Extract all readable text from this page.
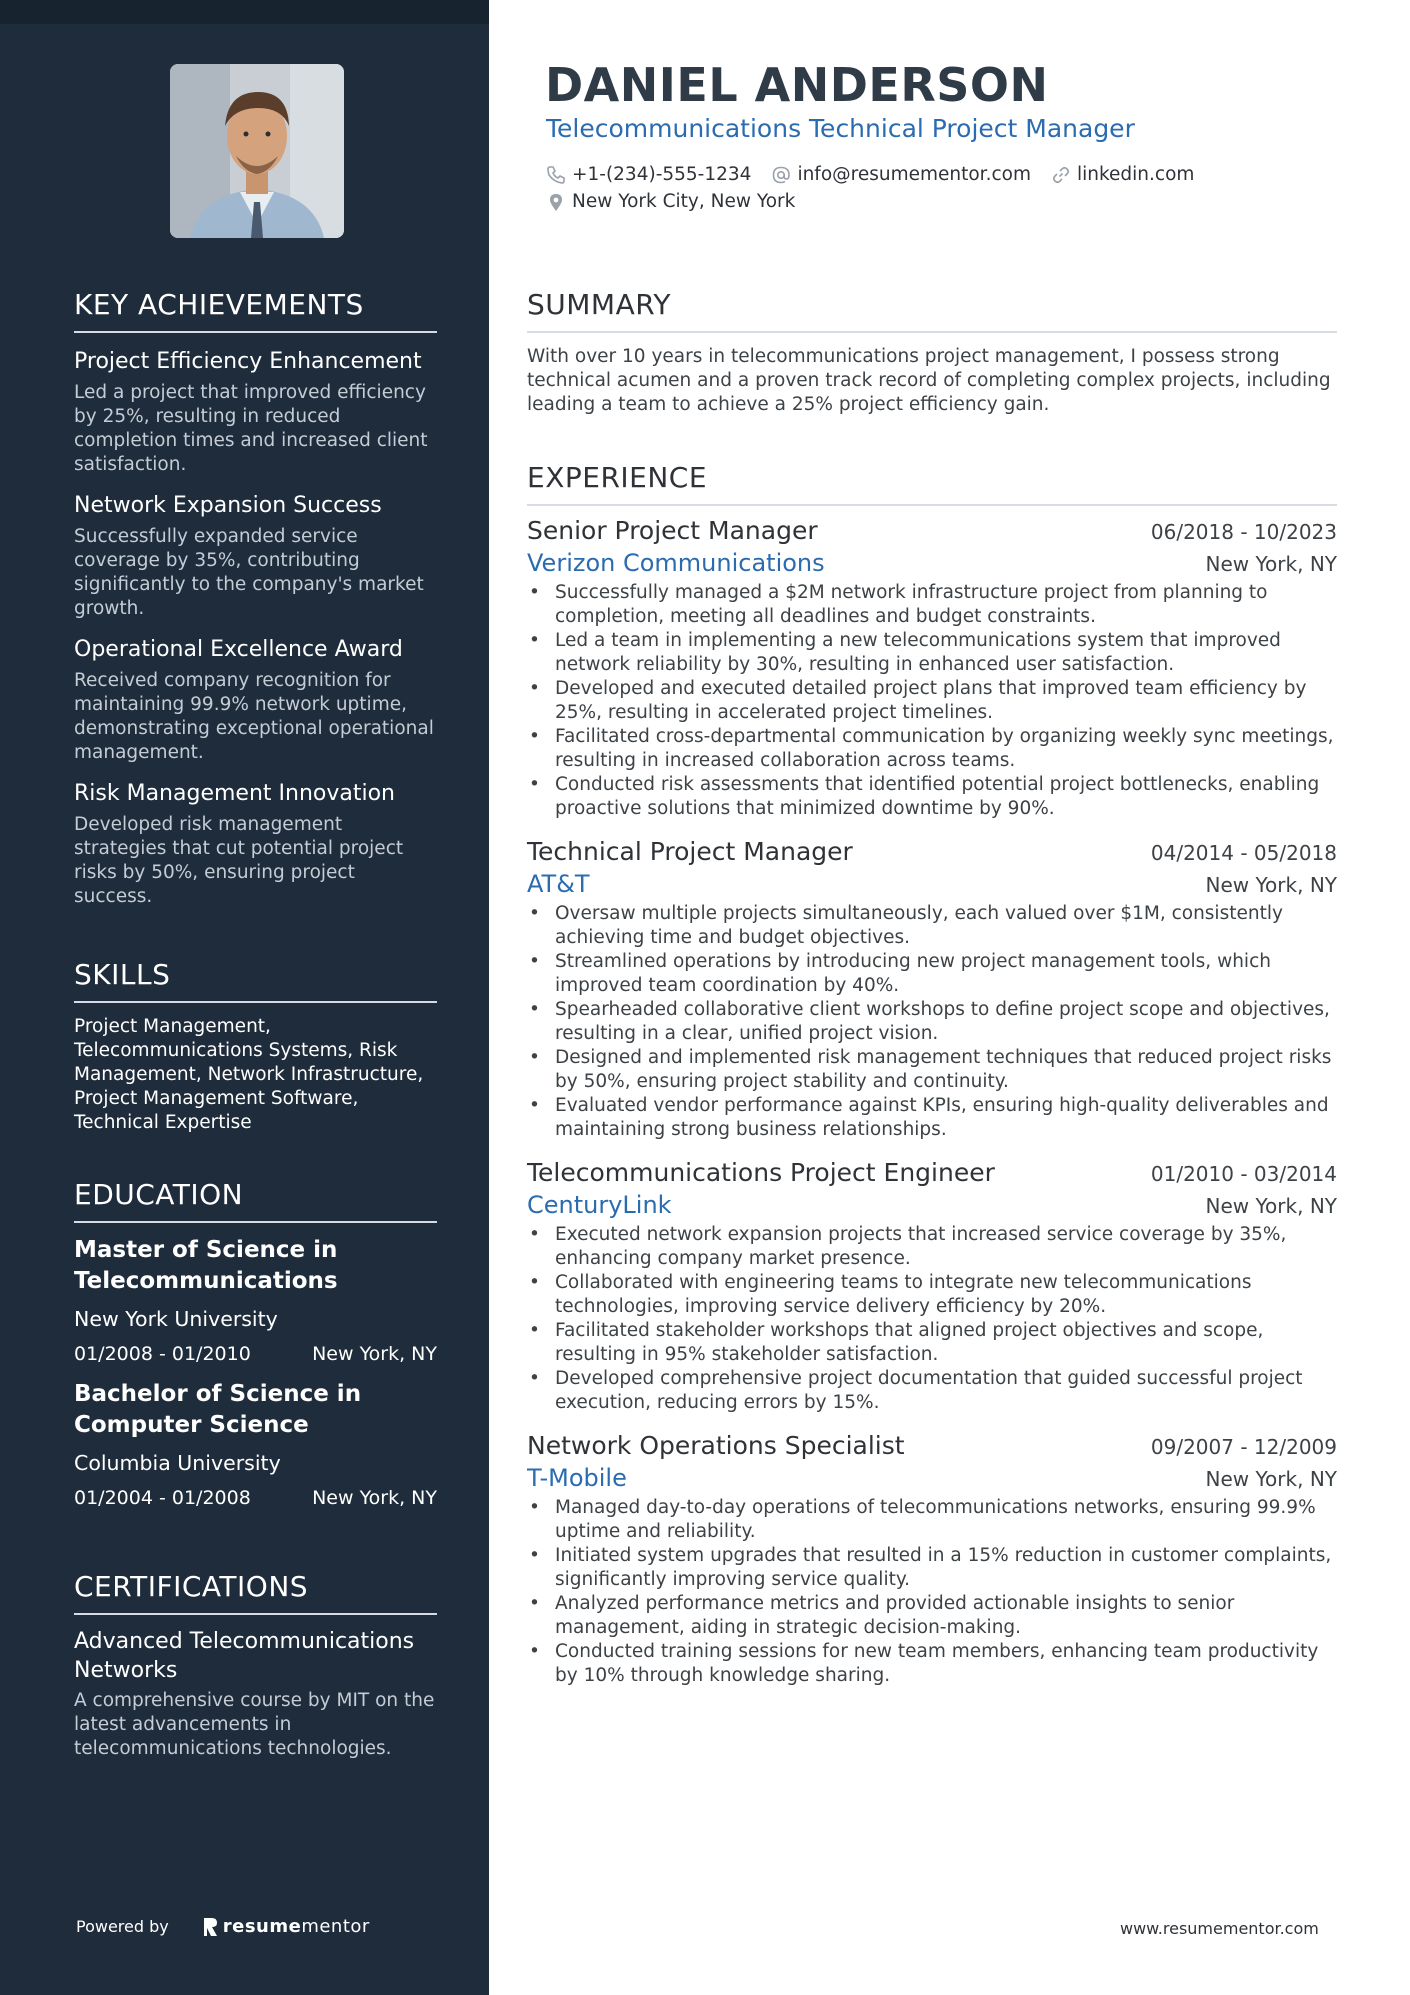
KEY ACHIEVEMENTS
Project Efficiency Enhancement
Led a project that improved efficiency by 25%, resulting in reduced completion times and increased client satisfaction.
Network Expansion Success
Successfully expanded service coverage by 35%, contributing significantly to the company's market growth.
Operational Excellence Award
Received company recognition for maintaining 99.9% network uptime, demonstrating exceptional operational management.
Risk Management Innovation
Developed risk management strategies that cut potential project risks by 50%, ensuring project success.
SKILLS
Project Management, Telecommunications Systems, Risk Management, Network Infrastructure, Project Management Software, Technical Expertise
EDUCATION
Master of Science in Telecommunications
New York University
01/2008 - 01/2010	New York, NY
Bachelor of Science in Computer Science
Columbia University
01/2004 - 01/2008	New York, NY
CERTIFICATIONS
Advanced Telecommunications Networks
A comprehensive course by MIT on the latest advancements in telecommunications technologies.
Powered by	resume mentor
DANIEL ANDERSON
Telecommunications Technical Project Manager
+1-(234)-555-1234 info@resumementor.com linkedin.com
New York City, New York
SUMMARY
With over 10 years in telecommunications project management, I possess strong technical acumen and a proven track record of completing complex projects, including leading a team to achieve a 25% project efficiency gain.
EXPERIENCE
Senior Project Manager	06/2018 - 10/2023
Verizon Communications	New York, NY
• Successfully managed a $2M network infrastructure project from planning to completion, meeting all deadlines and budget constraints.
• Led a team in implementing a new telecommunications system that improved network reliability by 30%, resulting in enhanced user satisfaction.
• Developed and executed detailed project plans that improved team efficiency by 25%, resulting in accelerated project timelines.
• Facilitated cross-departmental communication by organizing weekly sync meetings, resulting in increased collaboration across teams.
• Conducted risk assessments that identified potential project bottlenecks, enabling proactive solutions that minimized downtime by 90%.
Technical Project Manager	04/2014 - 05/2018
AT&T	New York, NY
• Oversaw multiple projects simultaneously, each valued over $1M, consistently achieving time and budget objectives.
• Streamlined operations by introducing new project management tools, which improved team coordination by 40%.
• Spearheaded collaborative client workshops to define project scope and objectives, resulting in a clear, unified project vision.
• Designed and implemented risk management techniques that reduced project risks by 50%, ensuring project stability and continuity.
• Evaluated vendor performance against KPIs, ensuring high-quality deliverables and maintaining strong business relationships.
Telecommunications Project Engineer	01/2010 - 03/2014
CenturyLink	New York, NY
• Executed network expansion projects that increased service coverage by 35%, enhancing company market presence.
• Collaborated with engineering teams to integrate new telecommunications technologies, improving service delivery efficiency by 20%.
• Facilitated stakeholder workshops that aligned project objectives and scope, resulting in 95% stakeholder satisfaction.
• Developed comprehensive project documentation that guided successful project execution, reducing errors by 15%.
Network Operations Specialist	09/2007 - 12/2009
T-Mobile	New York, NY
• Managed day-to-day operations of telecommunications networks, ensuring 99.9% uptime and reliability.
• Initiated system upgrades that resulted in a 15% reduction in customer complaints, significantly improving service quality.
• Analyzed performance metrics and provided actionable insights to senior management, aiding in strategic decision-making.
• Conducted training sessions for new team members, enhancing team productivity by 10% through knowledge sharing.
www.resumementor.com
